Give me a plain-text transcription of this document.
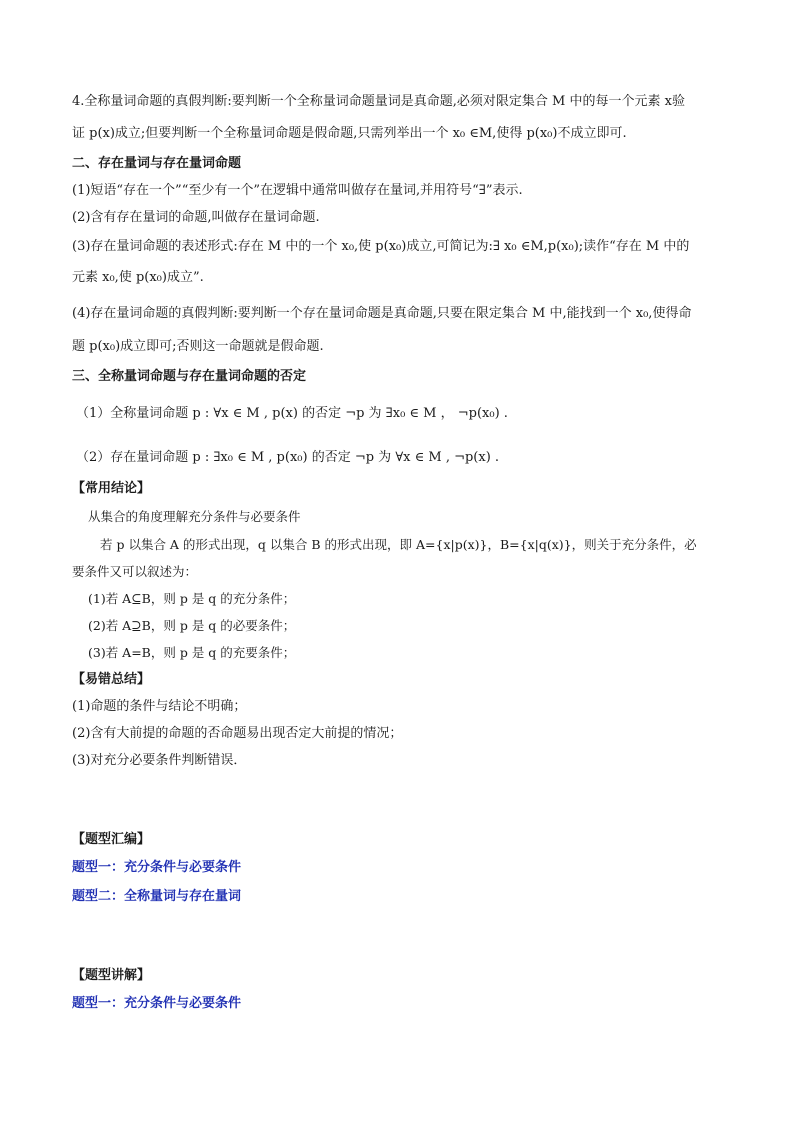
4.全称量词命题的真假判断:要判断一个全称量词命题量词是真命题,必须对限定集合 M 中的每一个元素 x验
证 p(x)成立;但要判断一个全称量词命题是假命题,只需列举出一个 x₀ ∈M,使得 p(x₀)不成立即可.
二、存在量词与存在量词命题
(1)短语“存在一个”“至少有一个”在逻辑中通常叫做存在量词,并用符号“∃”表示.
(2)含有存在量词的命题,叫做存在量词命题.
(3)存在量词命题的表述形式:存在 M 中的一个 x₀,使 p(x₀)成立,可简记为:∃ x₀ ∈M,p(x₀);读作“存在 M 中的
元素 x₀,使 p(x₀)成立”.
(4)存在量词命题的真假判断:要判断一个存在量词命题是真命题,只要在限定集合 M 中,能找到一个 x₀,使得命
题 p(x₀)成立即可;否则这一命题就是假命题.
三、全称量词命题与存在量词命题的否定
（1）全称量词命题 p : ∀x ∈ M , p(x) 的否定 ¬p 为 ∃x₀ ∈ M ， ¬p(x₀) .
（2）存在量词命题 p : ∃x₀ ∈ M , p(x₀) 的否定 ¬p 为 ∀x ∈ M , ¬p(x) .
【常用结论】
从集合的角度理解充分条件与必要条件
若 p 以集合 A 的形式出现，q 以集合 B 的形式出现，即 A={x|p(x)}，B={x|q(x)}，则关于充分条件，必
要条件又可以叙述为：
(1)若 A⊆B，则 p 是 q 的充分条件；
(2)若 A⊇B，则 p 是 q 的必要条件；
(3)若 A=B，则 p 是 q 的充要条件；
【易错总结】
(1)命题的条件与结论不明确；
(2)含有大前提的命题的否命题易出现否定大前提的情况；
(3)对充分必要条件判断错误．
【题型汇编】
题型一：充分条件与必要条件
题型二：全称量词与存在量词
【题型讲解】
题型一：充分条件与必要条件
